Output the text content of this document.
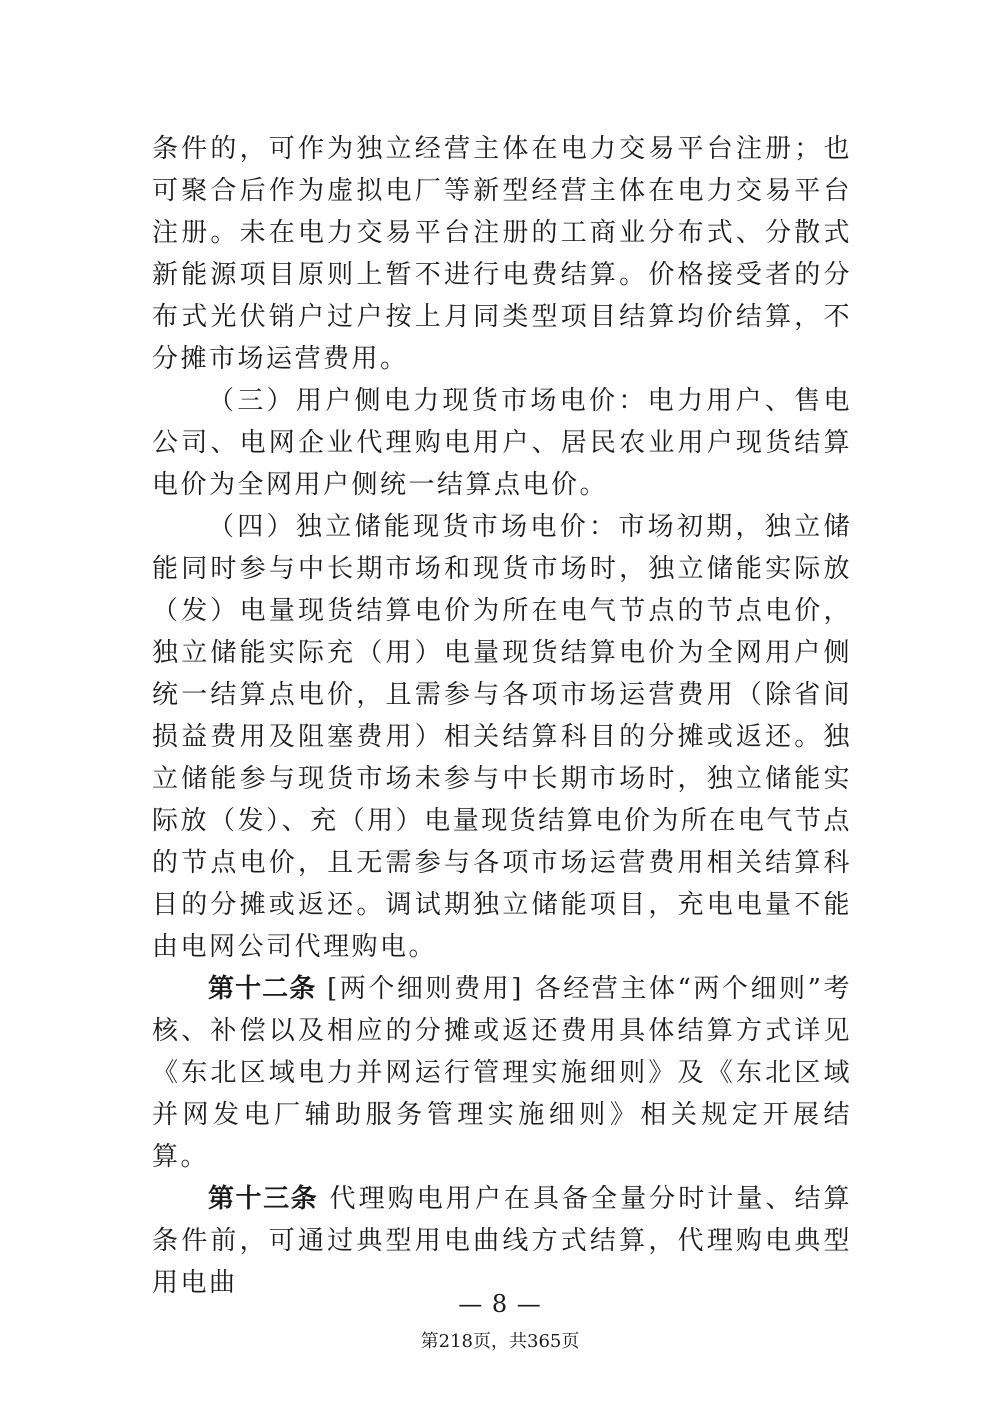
条件的，可作为独立经营主体在电力交易平台注册；也可聚合后作为虚拟电厂等新型经营主体在电力交易平台注册。未在电力交易平台注册的工商业分布式、分散式新能源项目原则上暂不进行电费结算。价格接受者的分布式光伏销户过户按上月同类型项目结算均价结算，不分摊市场运营费用。

（三）用户侧电力现货市场电价：电力用户、售电公司、电网企业代理购电用户、居民农业用户现货结算电价为全网用户侧统一结算点电价。

（四）独立储能现货市场电价：市场初期，独立储能同时参与中长期市场和现货市场时，独立储能实际放（发）电量现货结算电价为所在电气节点的节点电价，独立储能实际充（用）电量现货结算电价为全网用户侧统一结算点电价，且需参与各项市场运营费用（除省间损益费用及阻塞费用）相关结算科目的分摊或返还。独立储能参与现货市场未参与中长期市场时，独立储能实际放（发）、充（用）电量现货结算电价为所在电气节点的节点电价，且无需参与各项市场运营费用相关结算科目的分摊或返还。调试期独立储能项目，充电电量不能由电网公司代理购电。

第十二条 [两个细则费用] 各经营主体“两个细则”考核、补偿以及相应的分摊或返还费用具体结算方式详见《东北区域电力并网运行管理实施细则》及《东北区域并网发电厂辅助服务管理实施细则》相关规定开展结算。

第十三条 代理购电用户在具备全量分时计量、结算条件前，可通过典型用电曲线方式结算，代理购电典型用电曲

— 8 —
第218页，共365页
